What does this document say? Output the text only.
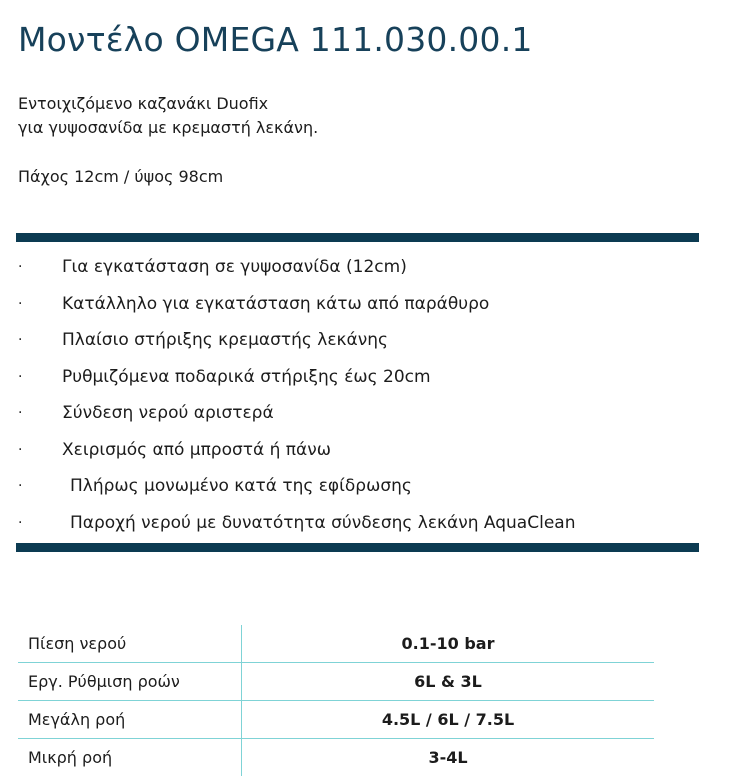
Μοντέλο OMEGA 111.030.00.1
Εντοιχιζόμενο καζανάκι Duofix
για γυψοσανίδα με κρεμαστή λεκάνη.
Πάχος 12cm / ύψος 98cm
· Για εγκατάσταση σε γυψοσανίδα (12cm)
· Κατάλληλο για εγκατάσταση κάτω από παράθυρο
· Πλαίσιο στήριξης κρεμαστής λεκάνης
· Ρυθμιζόμενα ποδαρικά στήριξης έως 20cm
· Σύνδεση νερού αριστερά
· Χειρισμός από μπροστά ή πάνω
·	Πλήρως μονωμένο κατά της εφίδρωσης
·	Παροχή νερού με δυνατότητα σύνδεσης λεκάνη AquaClean
Πίεση νερού	0.1-10 bar
Εργ. Ρύθμιση ροών	6L & 3L
Μεγάλη ροή	4.5L / 6L / 7.5L
Μικρή ροή	3-4L
